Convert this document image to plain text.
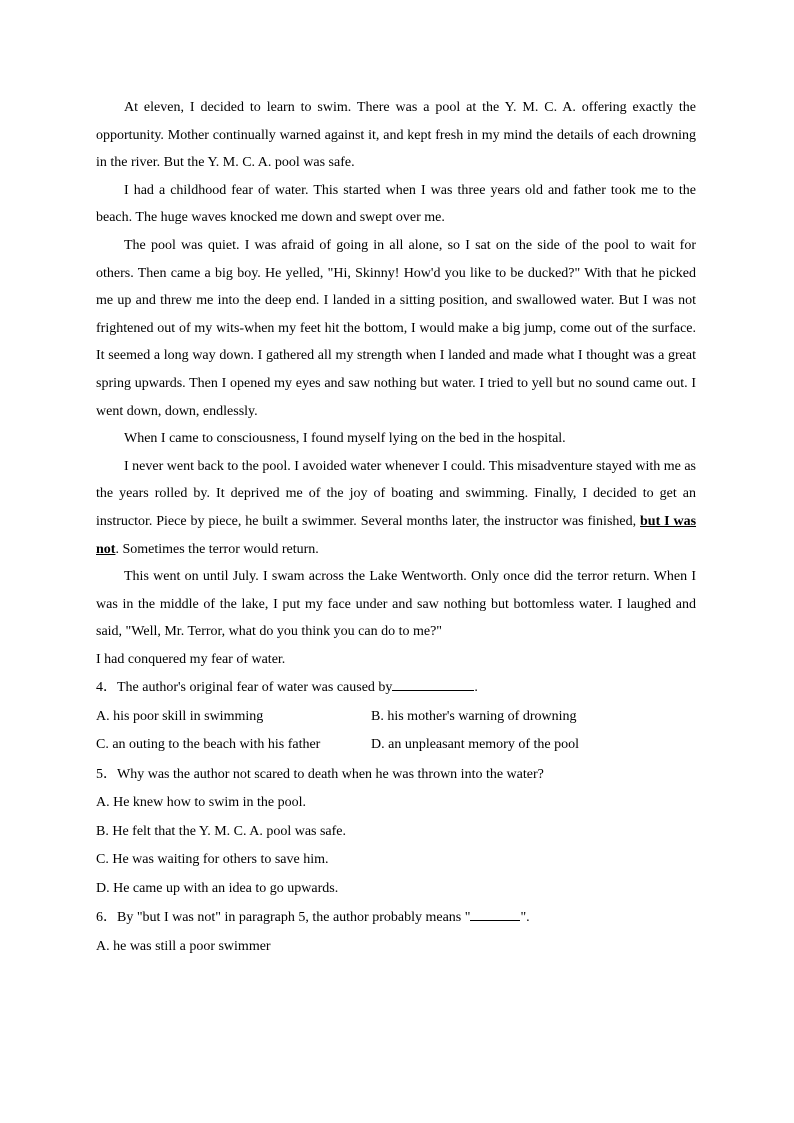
At eleven, I decided to learn to swim. There was a pool at the Y. M. C. A. offering exactly the opportunity. Mother continually warned against it, and kept fresh in my mind the details of each drowning in the river. But the Y. M. C. A. pool was safe.

I had a childhood fear of water. This started when I was three years old and father took me to the beach. The huge waves knocked me down and swept over me.

The pool was quiet. I was afraid of going in all alone, so I sat on the side of the pool to wait for others. Then came a big boy. He yelled, "Hi, Skinny! How'd you like to be ducked?" With that he picked me up and threw me into the deep end. I landed in a sitting position, and swallowed water. But I was not frightened out of my wits-when my feet hit the bottom, I would make a big jump, come out of the surface. It seemed a long way down. I gathered all my strength when I landed and made what I thought was a great spring upwards. Then I opened my eyes and saw nothing but water. I tried to yell but no sound came out. I went down, down, endlessly.

When I came to consciousness, I found myself lying on the bed in the hospital.

I never went back to the pool. I avoided water whenever I could. This misadventure stayed with me as the years rolled by. It deprived me of the joy of boating and swimming. Finally, I decided to get an instructor. Piece by piece, he built a swimmer. Several months later, the instructor was finished, but I was not. Sometimes the terror would return.

This went on until July. I swam across the Lake Wentworth. Only once did the terror return. When I was in the middle of the lake, I put my face under and saw nothing but bottomless water. I laughed and said, "Well, Mr. Terror, what do you think you can do to me?"

I had conquered my fear of water.

4．The author's original fear of water was caused by	.

A. his poor skill in swimming	B. his mother's warning of drowning
C. an outing to the beach with his father	D. an unpleasant memory of the pool

5．Why was the author not scared to death when he was thrown into the water?

A. He knew how to swim in the pool.

B. He felt that the Y. M. C. A. pool was safe.

C. He was waiting for others to save him.

D. He came up with an idea to go upwards.

6．By "but I was not" in paragraph 5, the author probably means "	".

A. he was still a poor swimmer
